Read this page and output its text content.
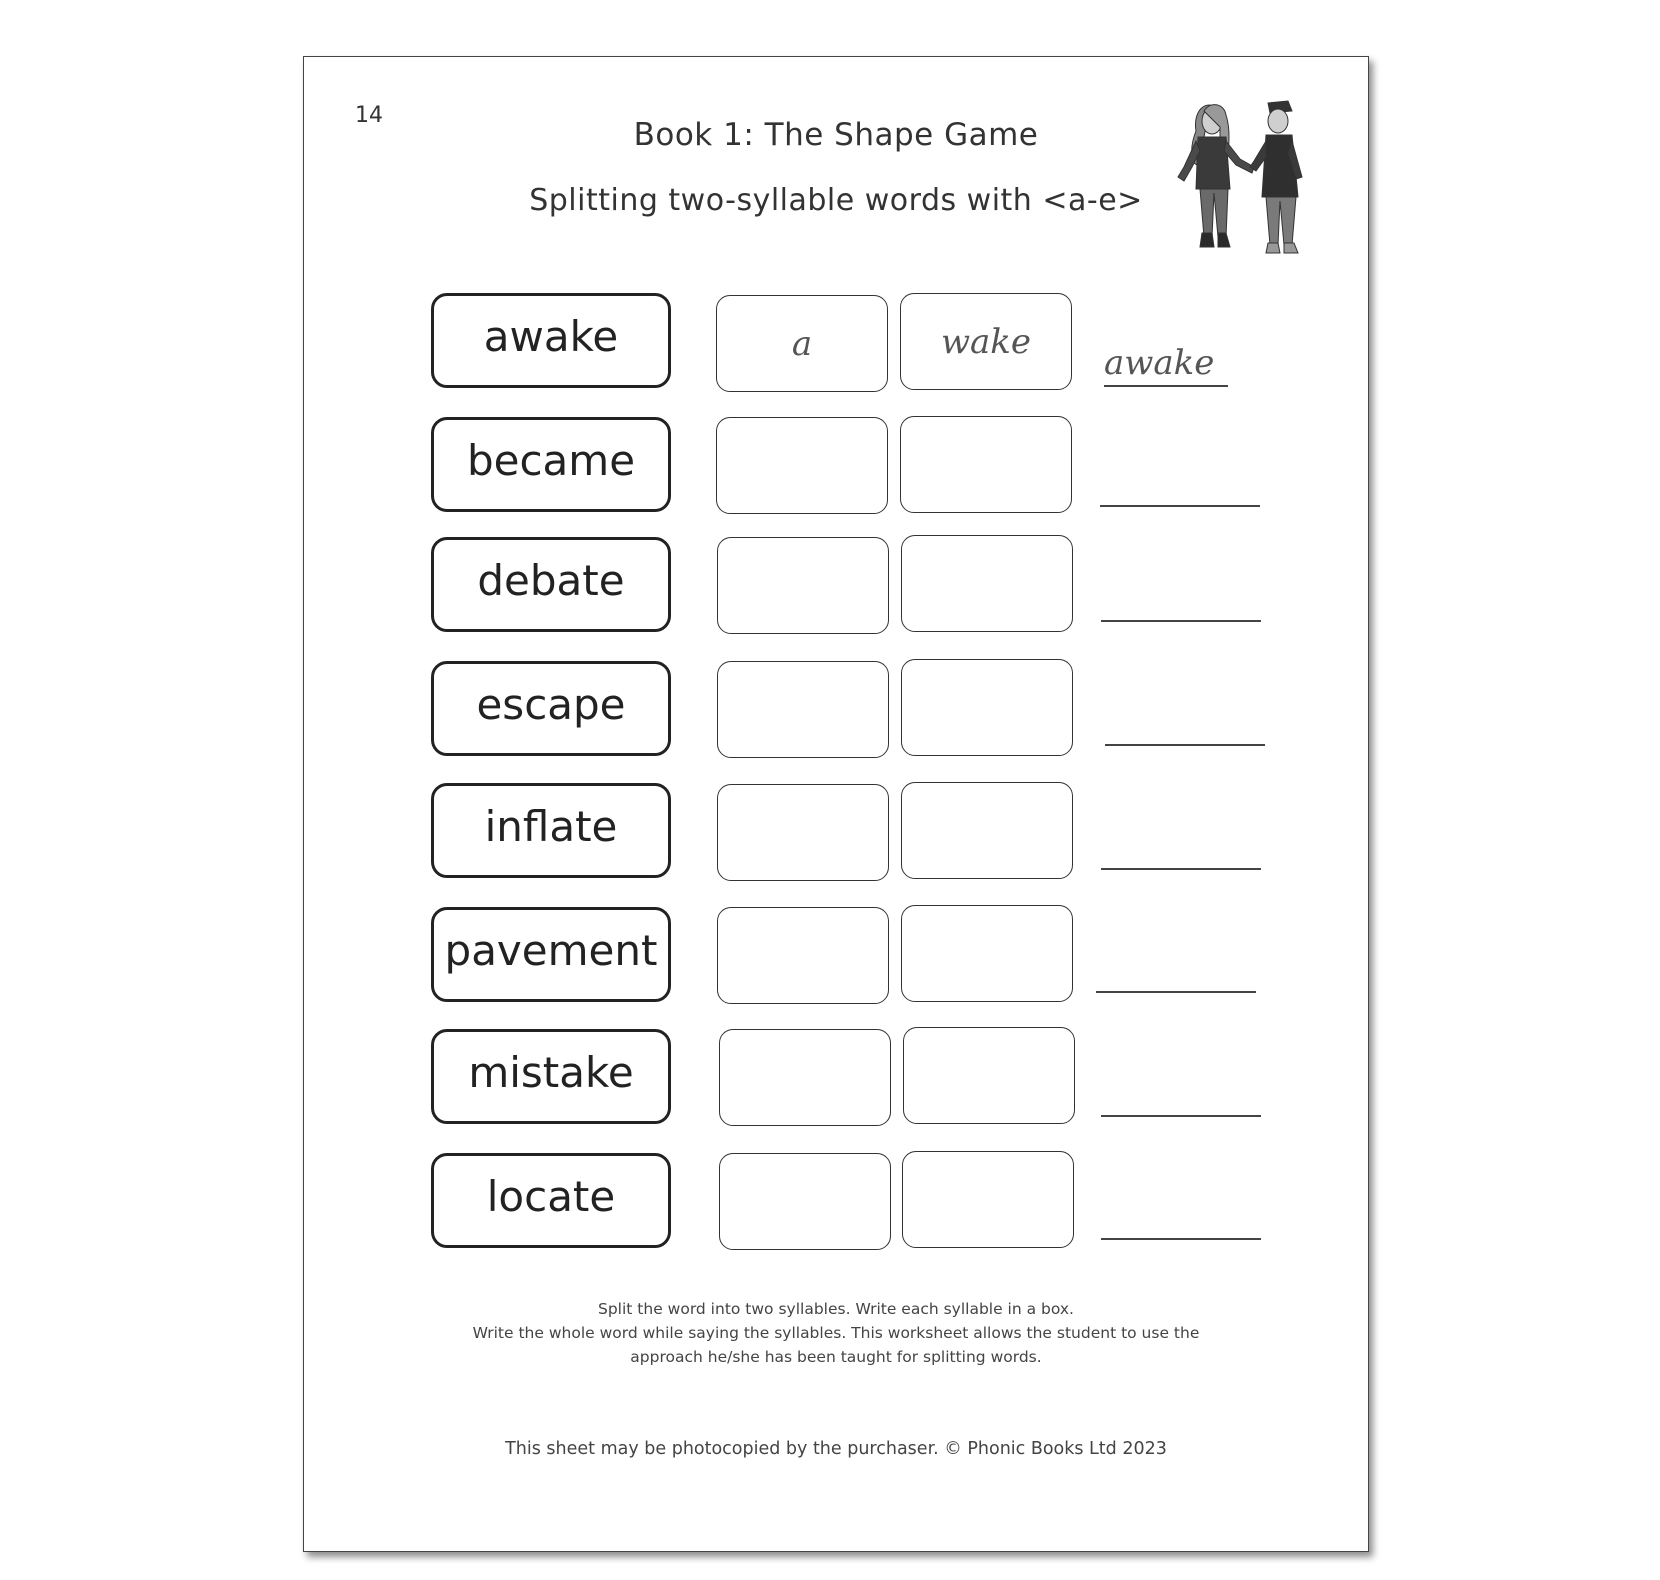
14
Book 1: The Shape Game
Splitting two-syllable words with <a-e>
awake	a	wake
awake
became
debate
escape
inflate
pavement
mistake
locate
Split the word into two syllables. Write each syllable in a box.
Write the whole word while saying the syllables. This worksheet allows the student to use the
approach he/she has been taught for splitting words.
This sheet may be photocopied by the purchaser. © Phonic Books Ltd 2023
